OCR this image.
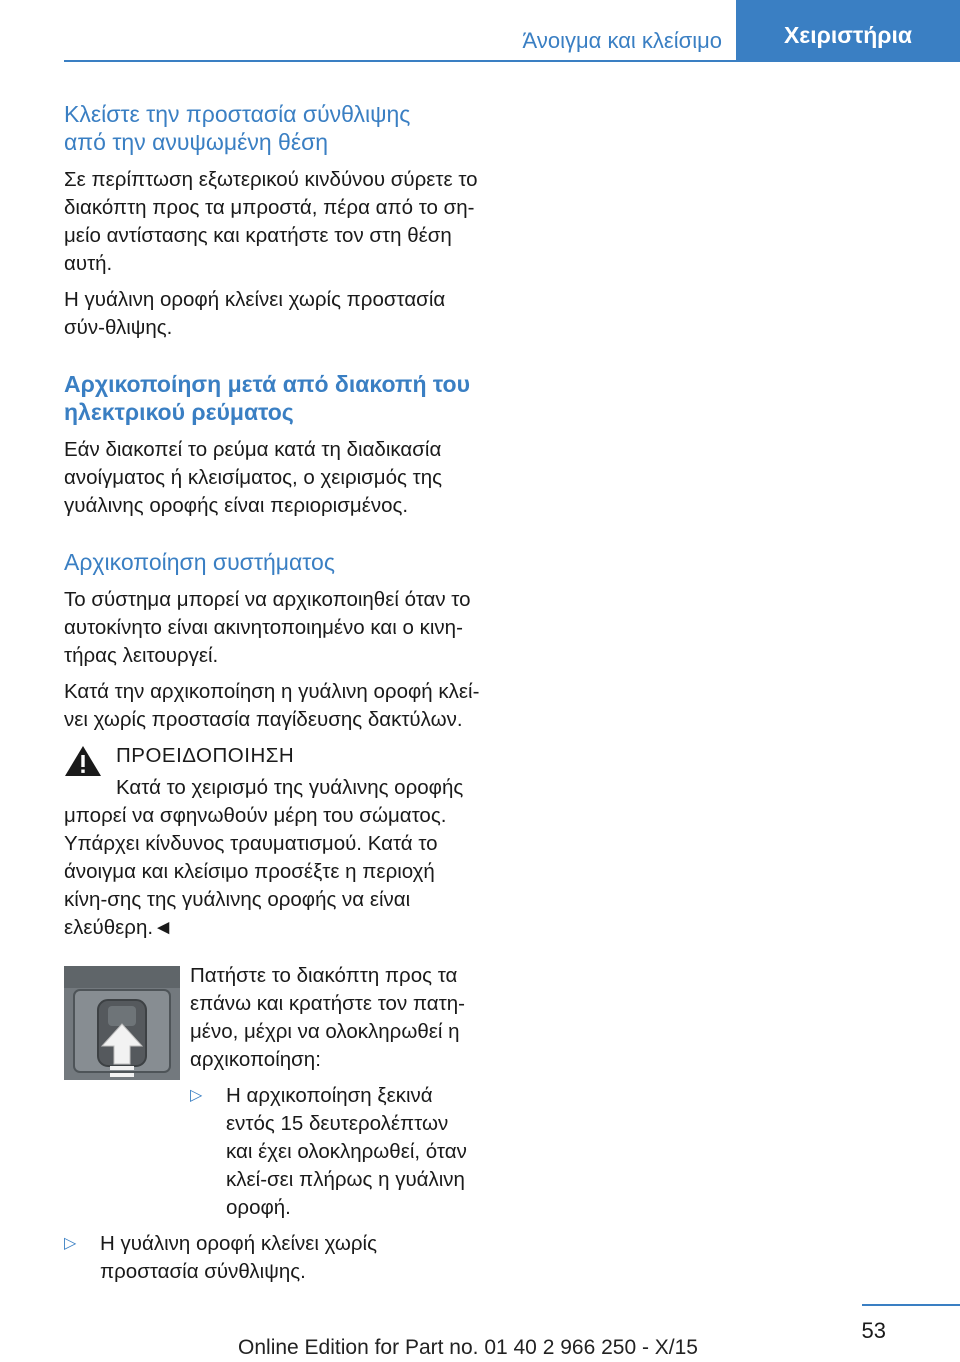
Άνοιγμα και κλείσιμο	Χειριστήρια
Κλείστε την προστασία σύνθλιψης
από την ανυψωμένη θέση

Σε περίπτωση εξωτερικού κινδύνου σύρετε το διακόπτη προς τα μπροστά, πέρα από το ση-μείο αντίστασης και κρατήστε τον στη θέση αυτή.

Η γυάλινη οροφή κλείνει χωρίς προστασία σύν-θλιψης.

Αρχικοποίηση μετά από διακοπή του
ηλεκτρικού ρεύματος

Εάν διακοπεί το ρεύμα κατά τη διαδικασία ανοίγματος ή κλεισίματος, ο χειρισμός της γυάλινης οροφής είναι περιορισμένος.

Αρχικοποίηση συστήματος

Το σύστημα μπορεί να αρχικοποιηθεί όταν το αυτοκίνητο είναι ακινητοποιημένο και ο κινη-τήρας λειτουργεί.

Κατά την αρχικοποίηση η γυάλινη οροφή κλεί-νει χωρίς προστασία παγίδευσης δακτύλων.

ΠΡΟΕΙΔΟΠΟΙΗΣΗ

Κατά το χειρισμό της γυάλινης οροφής μπορεί να σφηνωθούν μέρη του σώματος. Υπάρχει κίνδυνος τραυματισμού. Κατά το άνοιγμα και κλείσιμο προσέξτε η περιοχή κίνη-σης της γυάλινης οροφής να είναι ελεύθερη.◄

Πατήστε το διακόπτη προς τα επάνω και κρατήστε τον πατη-μένο, μέχρι να ολοκληρωθεί η αρχικοποίηση:

▷ Η αρχικοποίηση ξεκινά εντός 15 δευτερολέπτων και έχει ολοκληρωθεί, όταν κλεί-σει πλήρως η γυάλινη οροφή.
▷ Η γυάλινη οροφή κλείνει χωρίς προστασία σύνθλιψης.
53
Online Edition for Part no. 01 40 2 966 250 - X/15
